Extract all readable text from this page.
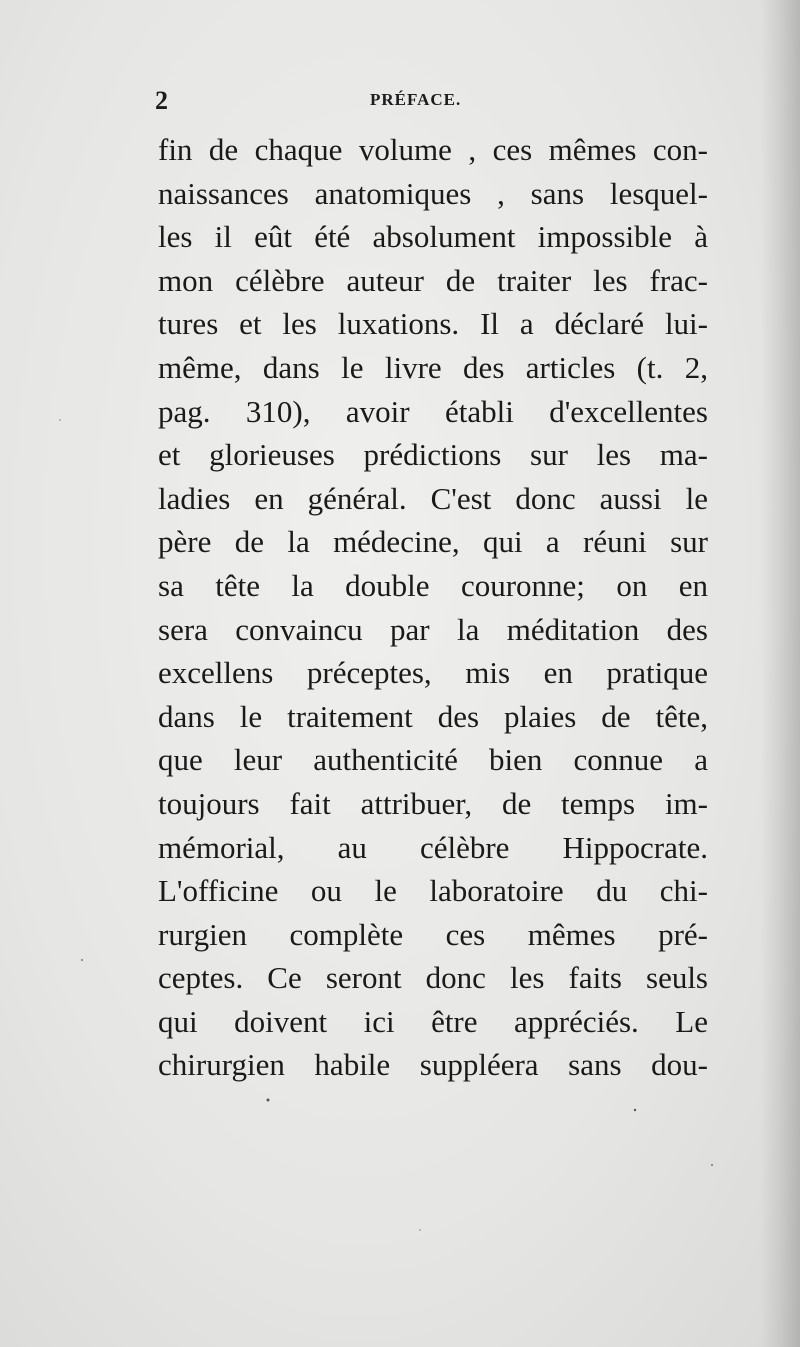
2	PRÉFACE.
fin de chaque volume , ces mêmes con-
naissances anatomiques , sans lesquel-
les il eût été absolument impossible à
mon célèbre auteur de traiter les frac-
tures et les luxations. Il a déclaré lui-
même, dans le livre des articles (t. 2,
pag. 310), avoir établi d'excellentes
et glorieuses prédictions sur les ma-
ladies en général. C'est donc aussi le
père de la médecine, qui a réuni sur
sa tête la double couronne; on en
sera convaincu par la méditation des
excellens préceptes, mis en pratique
dans le traitement des plaies de tête,
que leur authenticité bien connue a
toujours fait attribuer, de temps im-
mémorial, au célèbre Hippocrate.
L'officine ou le laboratoire du chi-
rurgien complète ces mêmes pré-
ceptes. Ce seront donc les faits seuls
qui doivent ici être appréciés. Le
chirurgien habile suppléera sans dou-
